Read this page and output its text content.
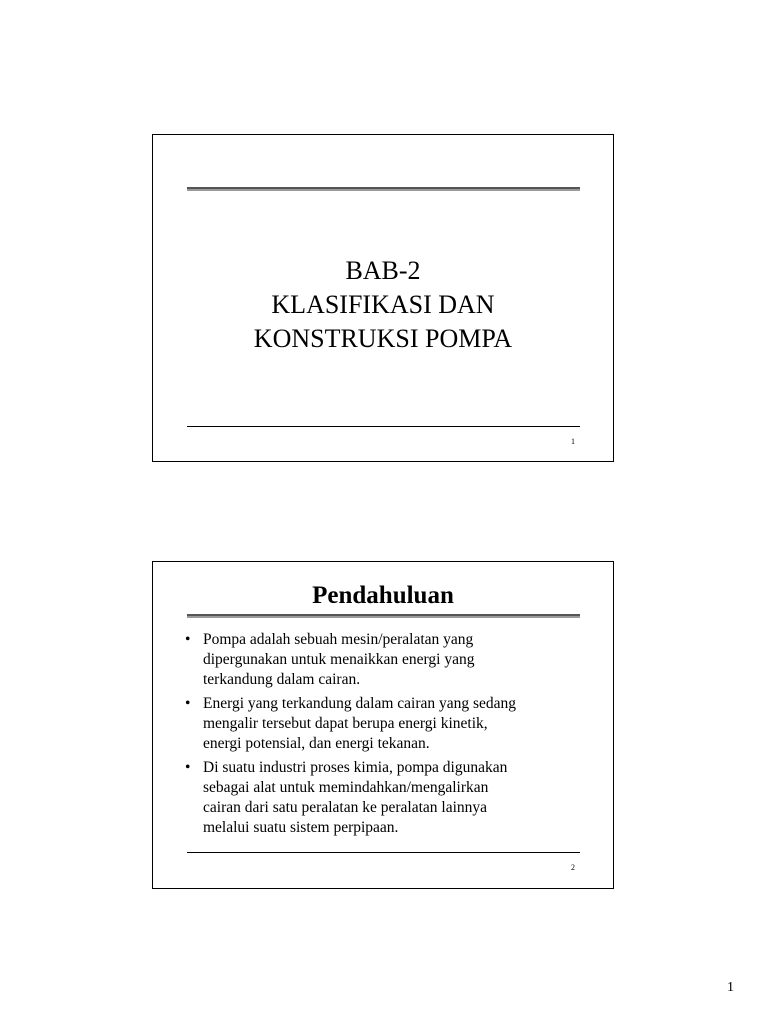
BAB-2
KLASIFIKASI DAN
KONSTRUKSI POMPA
1
Pendahuluan
• Pompa adalah sebuah mesin/peralatan yang
dipergunakan untuk menaikkan energi yang
terkandung dalam cairan.
• Energi yang terkandung dalam cairan yang sedang
mengalir tersebut dapat berupa energi kinetik,
energi potensial, dan energi tekanan.
• Di suatu industri proses kimia, pompa digunakan
sebagai alat untuk memindahkan/mengalirkan
cairan dari satu peralatan ke peralatan lainnya
melalui suatu sistem perpipaan.
2
1
